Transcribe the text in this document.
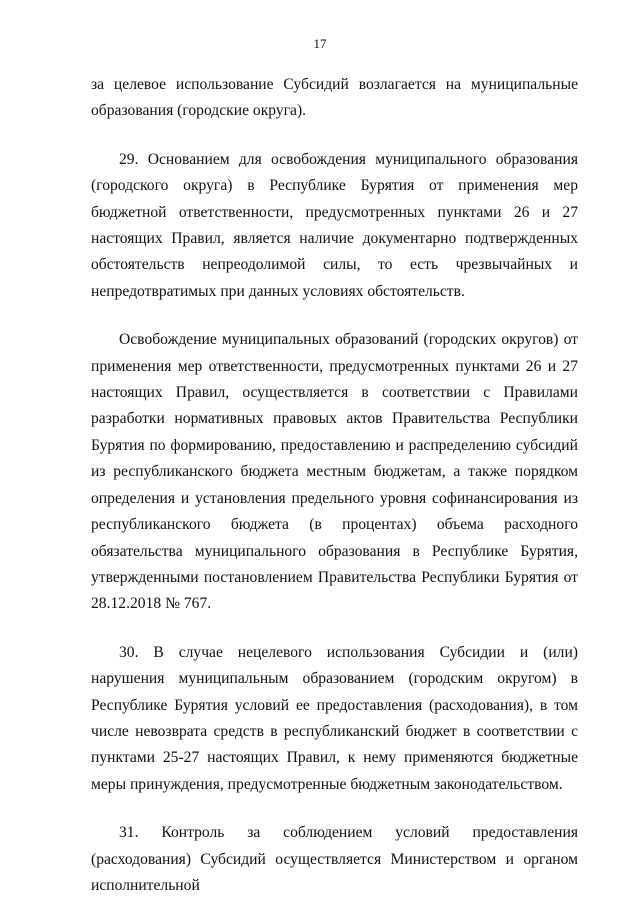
17

за целевое использование Субсидий возлагается на муниципальные образования (городские округа).

29. Основанием для освобождения муниципального образования (городского округа) в Республике Бурятия от применения мер бюджетной ответственности, предусмотренных пунктами 26 и 27 настоящих Правил, является наличие документарно подтвержденных обстоятельств непреодолимой силы, то есть чрезвычайных и непредотвратимых при данных условиях обстоятельств.

Освобождение муниципальных образований (городских округов) от применения мер ответственности, предусмотренных пунктами 26 и 27 настоящих Правил, осуществляется в соответствии с Правилами разработки нормативных правовых актов Правительства Республики Бурятия по формированию, предоставлению и распределению субсидий из республиканского бюджета местным бюджетам, а также порядком определения и установления предельного уровня софинансирования из республиканского бюджета (в процентах) объема расходного обязательства муниципального образования в Республике Бурятия, утвержденными постановлением Правительства Республики Бурятия от 28.12.2018 № 767.

30. В случае нецелевого использования Субсидии и (или) нарушения муниципальным образованием (городским округом) в Республике Бурятия условий ее предоставления (расходования), в том числе невозврата средств в республиканский бюджет в соответствии с пунктами 25-27 настоящих Правил, к нему применяются бюджетные меры принуждения, предусмотренные бюджетным законодательством.

31. Контроль за соблюдением условий предоставления (расходования) Субсидий осуществляется Министерством и органом исполнительной
